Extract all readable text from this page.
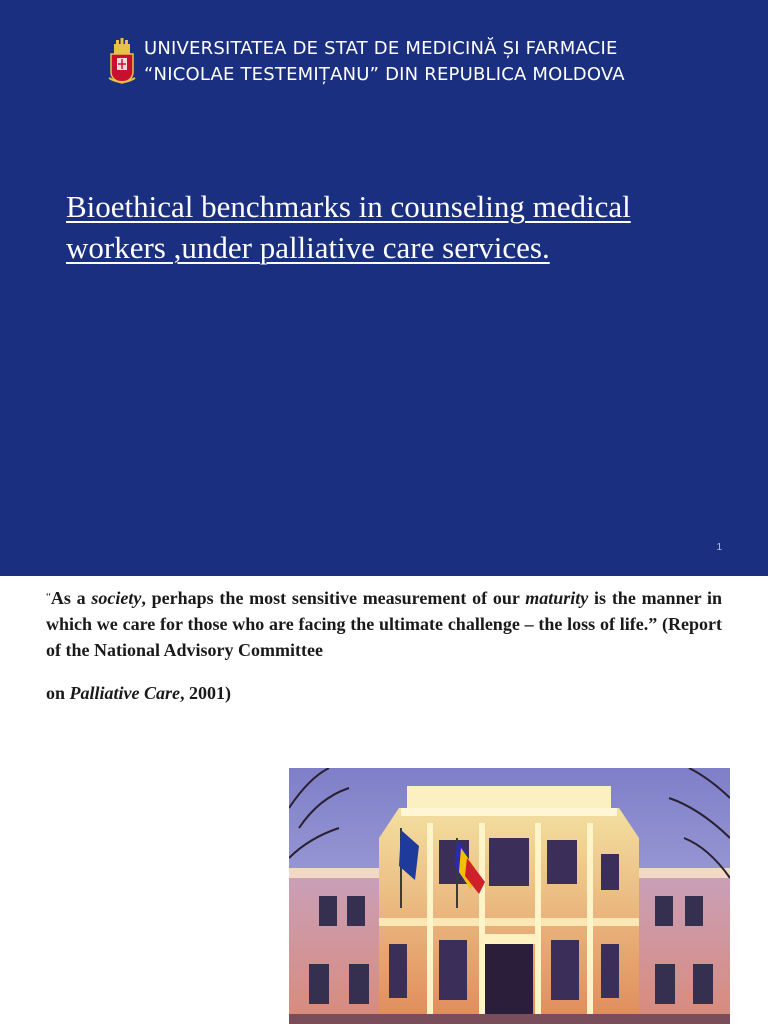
UNIVERSITATEA DE STAT DE MEDICINĂ ȘI FARMACIE
“NICOLAE TESTEMIȚANU” DIN REPUBLICA MOLDOVA
Bioethical benchmarks in counseling medical workers ,under palliative care services.
1
“As a society, perhaps the most sensitive measurement of our maturity is the manner in which we care for those who are facing the ultimate challenge – the loss of life.” (Report of the National Advisory Committee
on Palliative Care, 2001)
